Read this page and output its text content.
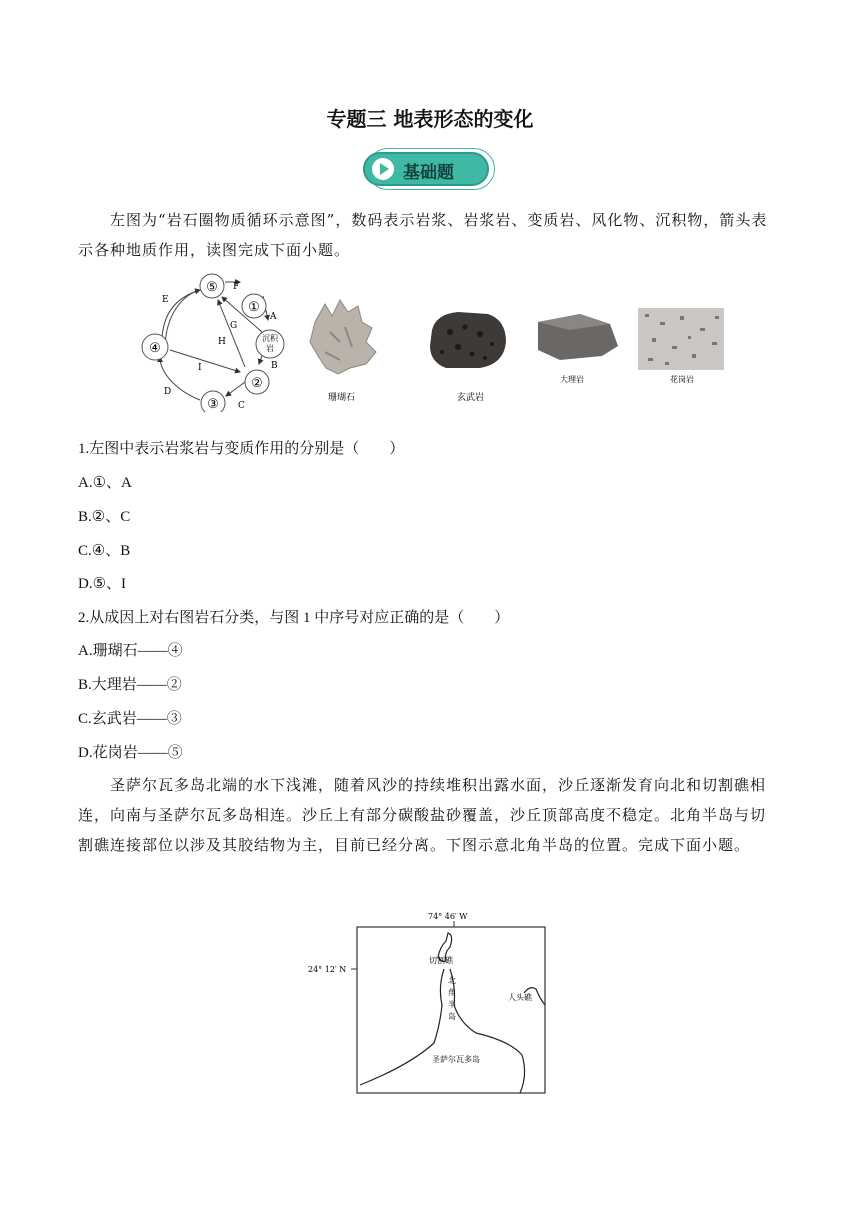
专题三 地表形态的变化
基础题
左图为“岩石圈物质循环示意图”，数码表示岩浆、岩浆岩、变质岩、风化物、沉积物，箭头表示各种地质作用，读图完成下面小题。
⑤
①
沉积
岩
②
③
④
E
F
A
G
H
B
I
C
D
珊瑚石	玄武岩
大理岩	花岗岩
1.左图中表示岩浆岩与变质作用的分别是（　　）
A.①、A
B.②、C
C.④、B
D.⑤、I
2.从成因上对右图岩石分类，与图 1 中序号对应正确的是（　　）
A.珊瑚石——④
B.大理岩——②
C.玄武岩——③
D.花岗岩——⑤
圣萨尔瓦多岛北端的水下浅滩，随着风沙的持续堆积出露水面，沙丘逐渐发育向北和切割礁相连，向南与圣萨尔瓦多岛相连。沙丘上有部分碳酸盐砂覆盖，沙丘顶部高度不稳定。北角半岛与切割礁连接部位以涉及其胶结物为主，目前已经分离。下图示意北角半岛的位置。完成下面小题。
74° 46′ W
24° 12′ N
切割礁
北
角
半
岛
人头礁
圣萨尔瓦多岛
